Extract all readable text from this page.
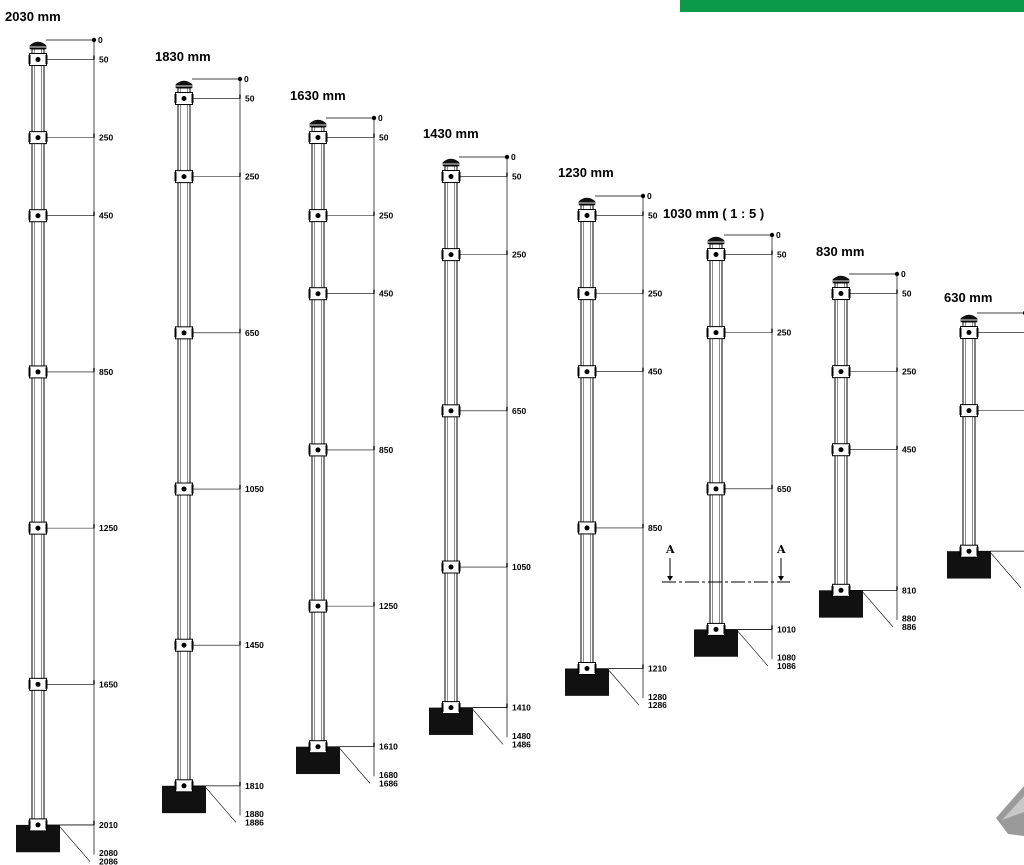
2030 mm
0
50
250
450
850
1250
1650
2010
2080
2086
1830 mm
0
50
250
650
1050
1450
1810
1880
1886
1630 mm
0
50
250
450
850
1250
1610
1680
1686
1430 mm
0
50
250
650
1050
1410
1480
1486
1230 mm
0
50
250
450
850
1210
1280
1286
1030 mm ( 1 : 5 )
0
50
250
650
1010
1080
1086
A	A
830 mm
0
50
250
450
810
880
886
630 mm
